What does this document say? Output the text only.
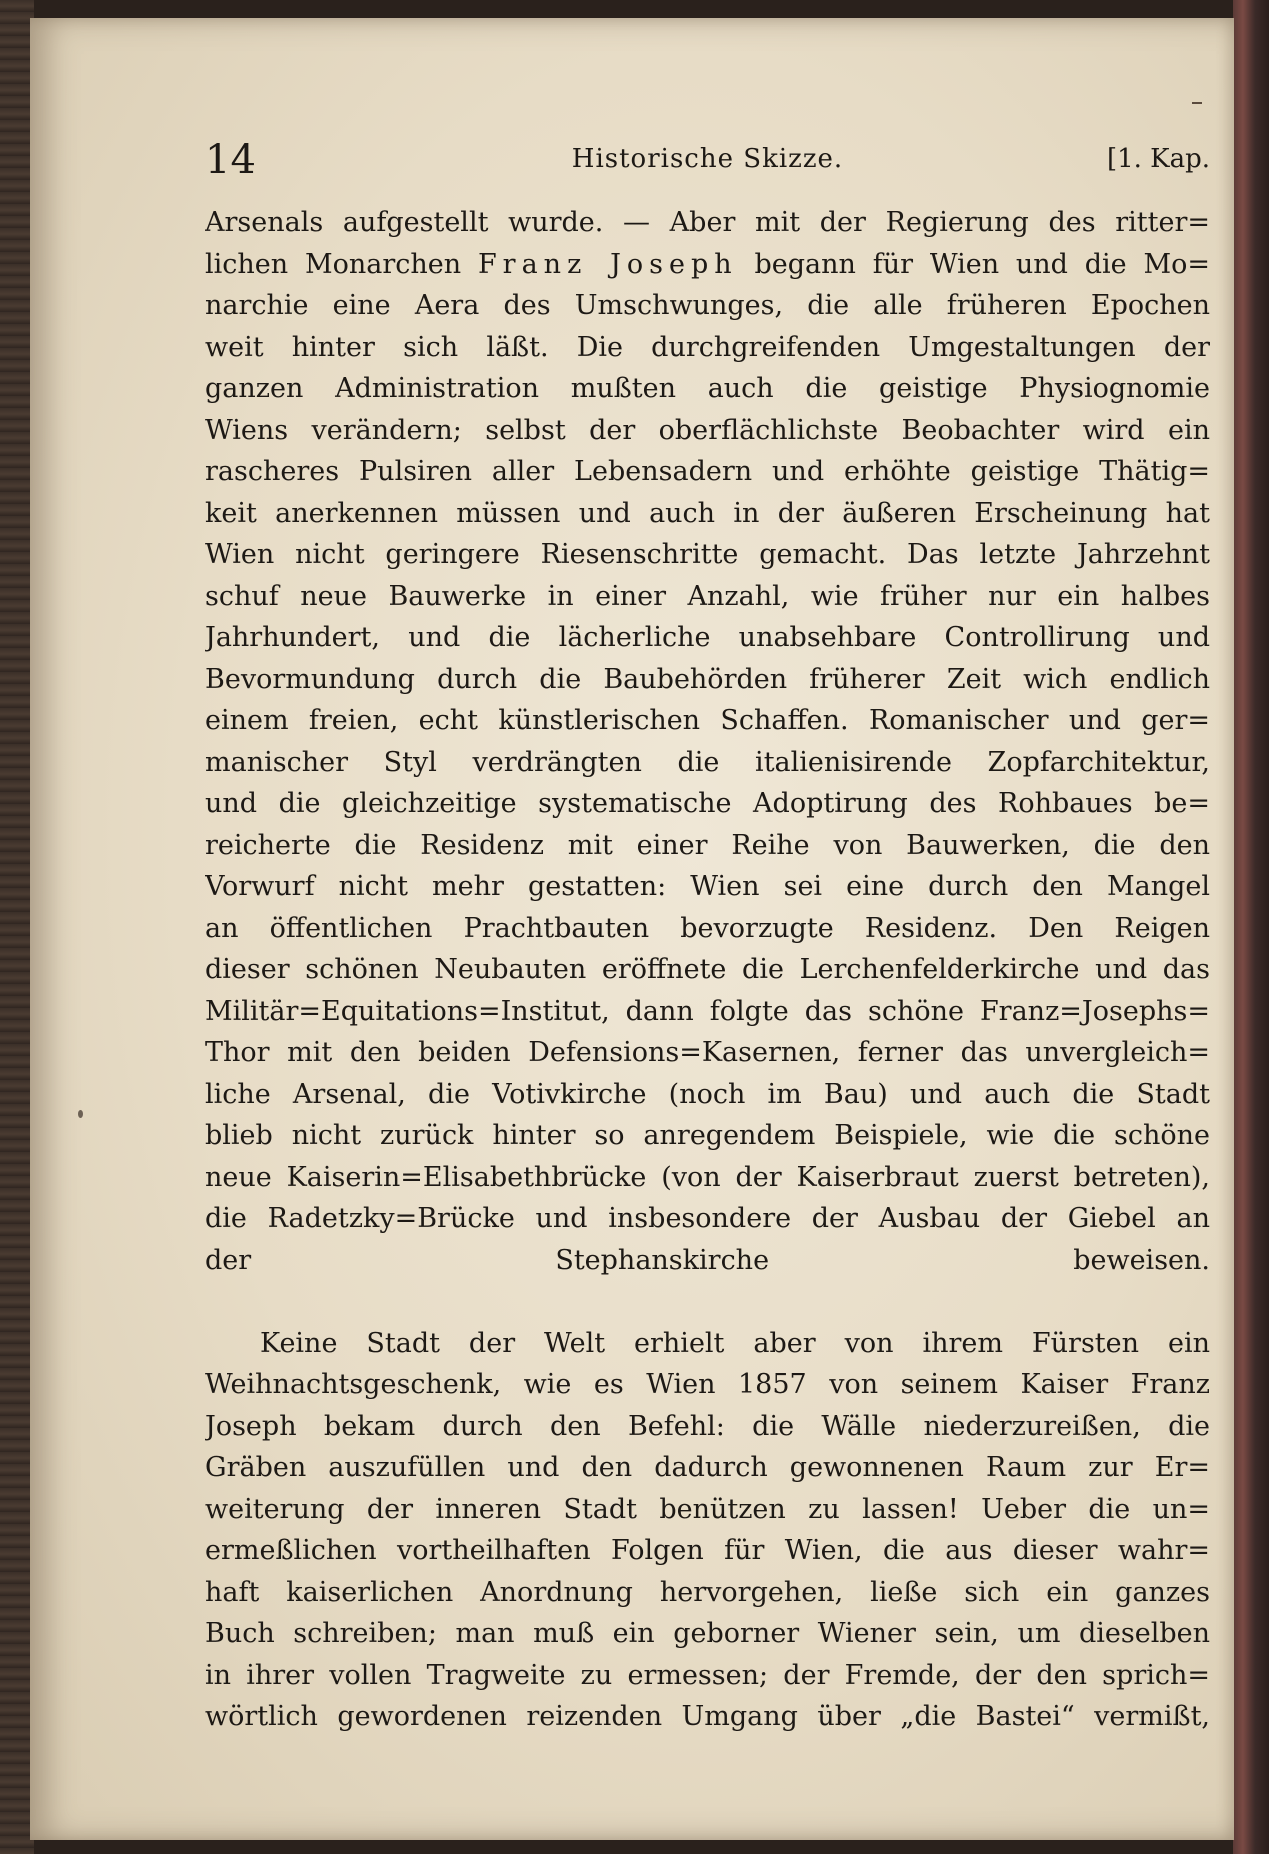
14	Historische Skizze.	[1. Kap.
Arsenals aufgestellt wurde. — Aber mit der Regierung des ritter=
lichen Monarchen Franz Joseph begann für Wien und die Mo=
narchie eine Aera des Umschwunges, die alle früheren Epochen
weit hinter sich läßt. Die durchgreifenden Umgestaltungen der
ganzen Administration mußten auch die geistige Physiognomie
Wiens verändern; selbst der oberflächlichste Beobachter wird ein
rascheres Pulsiren aller Lebensadern und erhöhte geistige Thätig=
keit anerkennen müssen und auch in der äußeren Erscheinung hat
Wien nicht geringere Riesenschritte gemacht. Das letzte Jahrzehnt
schuf neue Bauwerke in einer Anzahl, wie früher nur ein halbes
Jahrhundert, und die lächerliche unabsehbare Controllirung und
Bevormundung durch die Baubehörden früherer Zeit wich endlich
einem freien, echt künstlerischen Schaffen. Romanischer und ger=
manischer Styl verdrängten die italienisirende Zopfarchitektur,
und die gleichzeitige systematische Adoptirung des Rohbaues be=
reicherte die Residenz mit einer Reihe von Bauwerken, die den
Vorwurf nicht mehr gestatten: Wien sei eine durch den Mangel
an öffentlichen Prachtbauten bevorzugte Residenz. Den Reigen
dieser schönen Neubauten eröffnete die Lerchenfelderkirche und das
Militär=Equitations=Institut, dann folgte das schöne Franz=Josephs=
Thor mit den beiden Defensions=Kasernen, ferner das unvergleich=
liche Arsenal, die Votivkirche (noch im Bau) und auch die Stadt
blieb nicht zurück hinter so anregendem Beispiele, wie die schöne
neue Kaiserin=Elisabethbrücke (von der Kaiserbraut zuerst betreten),
die Radetzky=Brücke und insbesondere der Ausbau der Giebel an
der Stephanskirche beweisen.
Keine Stadt der Welt erhielt aber von ihrem Fürsten ein
Weihnachtsgeschenk, wie es Wien 1857 von seinem Kaiser Franz
Joseph bekam durch den Befehl: die Wälle niederzureißen, die
Gräben auszufüllen und den dadurch gewonnenen Raum zur Er=
weiterung der inneren Stadt benützen zu lassen! Ueber die un=
ermeßlichen vortheilhaften Folgen für Wien, die aus dieser wahr=
haft kaiserlichen Anordnung hervorgehen, ließe sich ein ganzes
Buch schreiben; man muß ein geborner Wiener sein, um dieselben
in ihrer vollen Tragweite zu ermessen; der Fremde, der den sprich=
wörtlich gewordenen reizenden Umgang über „die Bastei“ vermißt,
